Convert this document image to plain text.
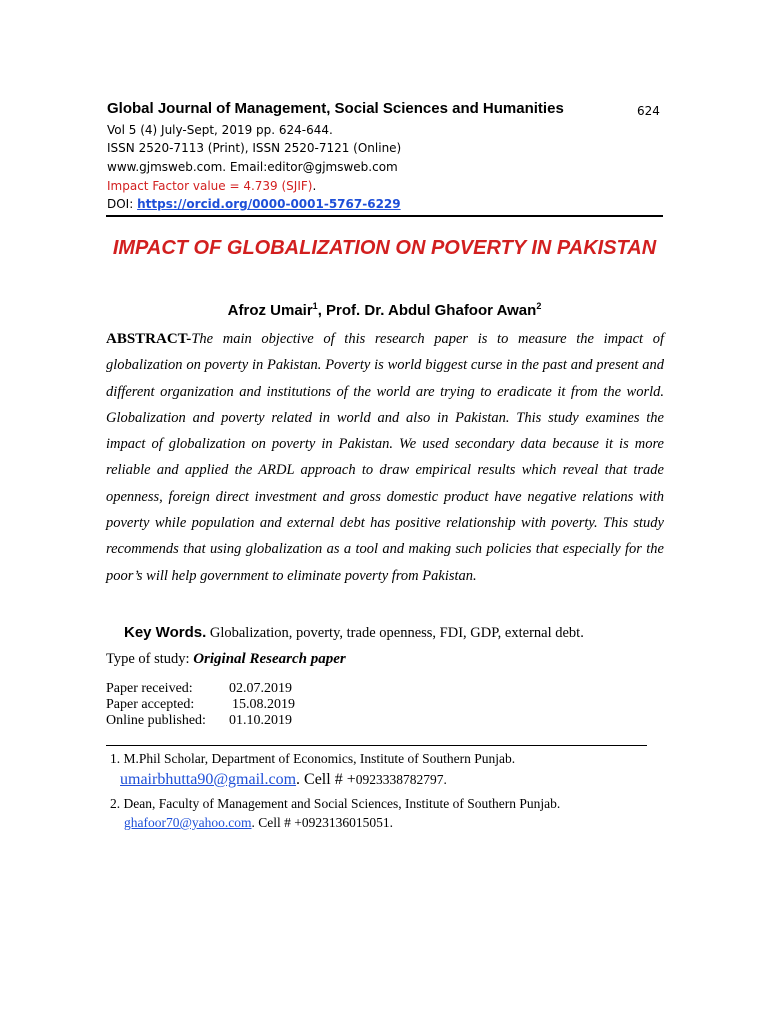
Global Journal of Management, Social Sciences and Humanities	624
Vol 5 (4) July-Sept, 2019 pp. 624-644.
ISSN 2520-7113 (Print), ISSN 2520-7121 (Online)
www.gjmsweb.com. Email:editor@gjmsweb.com
Impact Factor value = 4.739 (SJIF).
DOI: https://orcid.org/0000-0001-5767-6229
IMPACT OF GLOBALIZATION ON POVERTY IN PAKISTAN
Afroz Umair$^1$, Prof. Dr. Abdul Ghafoor Awan$^2$
ABSTRACT-The main objective of this research paper is to measure the impact of globalization on poverty in Pakistan. Poverty is world biggest curse in the past and present and different organization and institutions of the world are trying to eradicate it from the world. Globalization and poverty related in world and also in Pakistan. This study examines the impact of globalization on poverty in Pakistan. We used secondary data because it is more reliable and applied the ARDL approach to draw empirical results which reveal that trade openness, foreign direct investment and gross domestic product have negative relations with poverty while population and external debt has positive relationship with poverty. This study recommends that using globalization as a tool and making such policies that especially for the poor’s will help government to eliminate poverty from Pakistan.
Key Words. Globalization, poverty, trade openness, FDI, GDP, external debt.
Type of study: Original Research paper
Paper received:	02.07.2019
Paper accepted:	15.08.2019
Online published: 01.10.2019
1. M.Phil Scholar, Department of Economics, Institute of Southern Punjab.
umairbhutta90@gmail.com. Cell # +0923338782797.
2. Dean, Faculty of Management and Social Sciences, Institute of Southern Punjab.
ghafoor70@yahoo.com. Cell # +0923136015051.
